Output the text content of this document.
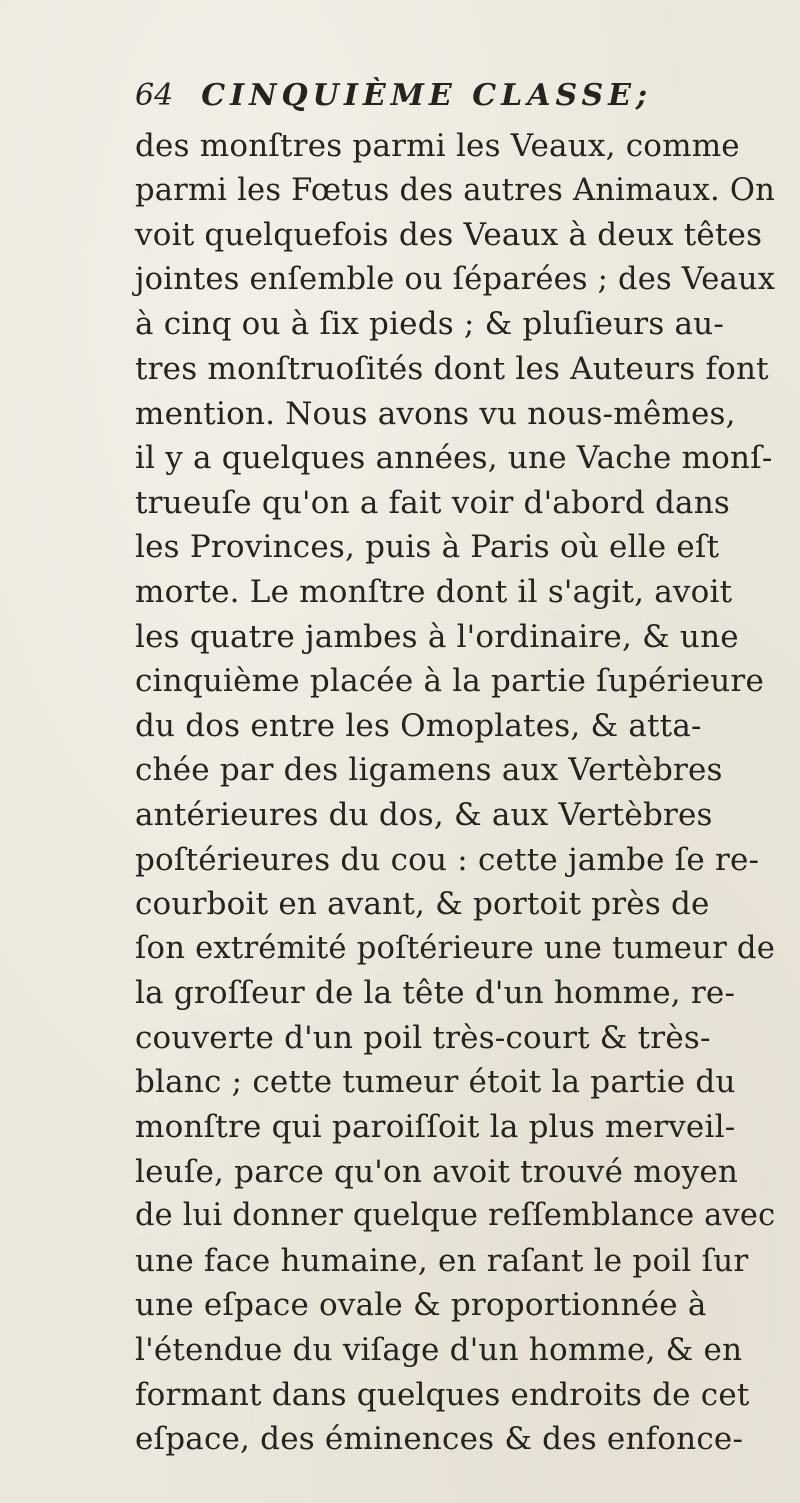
64 CINQUIÈME CLASSE;
des monſtres parmi les Veaux, comme
parmi les Fœtus des autres Animaux. On
voit quelquefois des Veaux à deux têtes
jointes enſemble ou ſéparées ; des Veaux
à cinq ou à ſix pieds ; & pluſieurs au-
tres monſtruoſités dont les Auteurs font
mention. Nous avons vu nous-mêmes,
il y a quelques années, une Vache monſ-
trueuſe qu'on a fait voir d'abord dans
les Provinces, puis à Paris où elle eſt
morte. Le monſtre dont il s'agit, avoit
les quatre jambes à l'ordinaire, & une
cinquième placée à la partie ſupérieure
du dos entre les Omoplates, & atta-
chée par des ligamens aux Vertèbres
antérieures du dos, & aux Vertèbres
poſtérieures du cou : cette jambe ſe re-
courboit en avant, & portoit près de
ſon extrémité poſtérieure une tumeur de
la groſſeur de la tête d'un homme, re-
couverte d'un poil très-court & très-
blanc ; cette tumeur étoit la partie du
monſtre qui paroiſſoit la plus merveil-
leuſe, parce qu'on avoit trouvé moyen
de lui donner quelque reſſemblance avec
une face humaine, en raſant le poil ſur
une eſpace ovale & proportionnée à
l'étendue du viſage d'un homme, & en
formant dans quelques endroits de cet
eſpace, des éminences & des enfonce-
